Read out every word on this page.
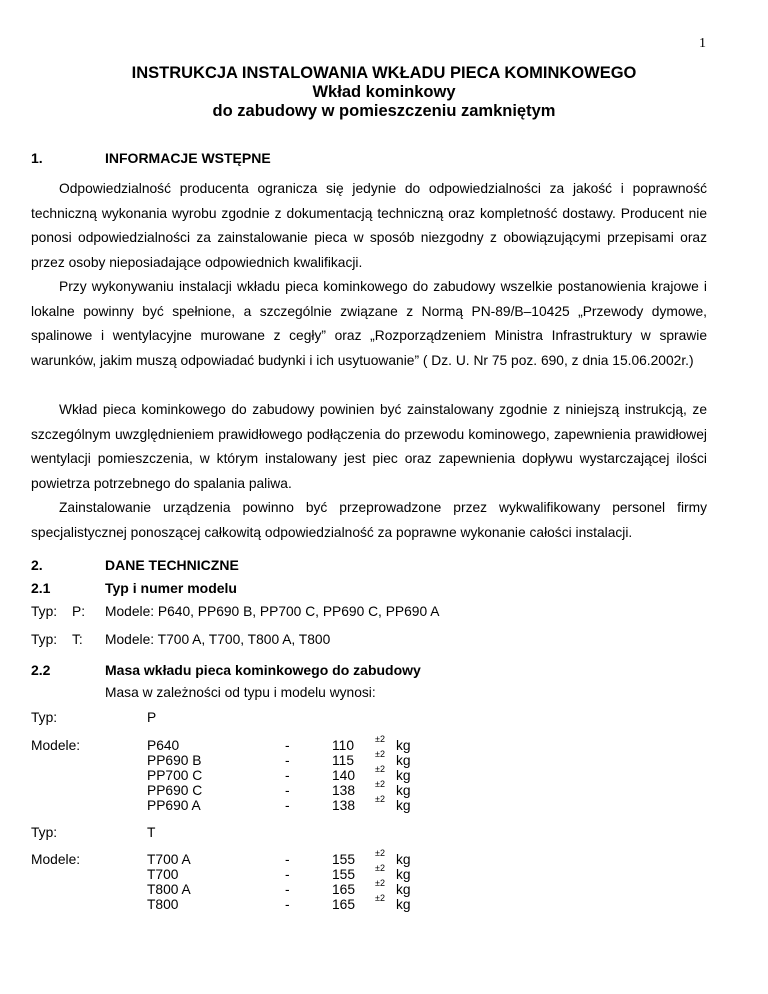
1
INSTRUKCJA INSTALOWANIA WKŁADU PIECA KOMINKOWEGO
Wkład kominkowy
do zabudowy w pomieszczeniu zamkniętym
1.	INFORMACJE WSTĘPNE
Odpowiedzialność producenta ogranicza się jedynie do odpowiedzialności za jakość i poprawność techniczną wykonania wyrobu zgodnie z dokumentacją techniczną oraz kompletność dostawy. Producent nie ponosi odpowiedzialności za zainstalowanie pieca w sposób niezgodny z obowiązującymi przepisami oraz przez osoby nieposiadające odpowiednich kwalifikacji.
Przy wykonywaniu instalacji wkładu pieca kominkowego do zabudowy wszelkie postanowienia krajowe i lokalne powinny być spełnione, a szczególnie związane z Normą PN-89/B–10425 „Przewody dymowe, spalinowe i wentylacyjne murowane z cegły” oraz „Rozporządzeniem Ministra Infrastruktury w sprawie warunków, jakim muszą odpowiadać budynki i ich usytuowanie” ( Dz. U. Nr 75 poz. 690, z dnia 15.06.2002r.)
Wkład pieca kominkowego do zabudowy powinien być zainstalowany zgodnie z niniejszą instrukcją, ze szczególnym uwzględnieniem prawidłowego podłączenia do przewodu kominowego, zapewnienia prawidłowej wentylacji pomieszczenia, w którym instalowany jest piec oraz zapewnienia dopływu wystarczającej ilości powietrza potrzebnego do spalania paliwa.
Zainstalowanie urządzenia powinno być przeprowadzone przez wykwalifikowany personel firmy specjalistycznej ponoszącej całkowitą odpowiedzialność za poprawne wykonanie całości instalacji.
2.	DANE TECHNICZNE
2.1	Typ i numer modelu
Typ: P: Modele: P640, PP690 B, PP700 C, PP690 C, PP690 A
Typ: T: Modele: T700 A, T700, T800 A, T800
2.2	Masa wkładu pieca kominkowego do zabudowy
Masa w zależności od typu i modelu wynosi:
Typ:	P
Modele:	P640	-	110 ±2 kg
PP690 B	-	115 ±2 kg
PP700 C	-	140 ±2 kg
PP690 C	-	138 ±2 kg
PP690 A	-	138 ±2 kg
Typ:	T
Modele:	T700 A	-	155 ±2 kg
T700	-	155 ±2 kg
T800 A	-	165 ±2 kg
T800	-	165 ±2 kg
